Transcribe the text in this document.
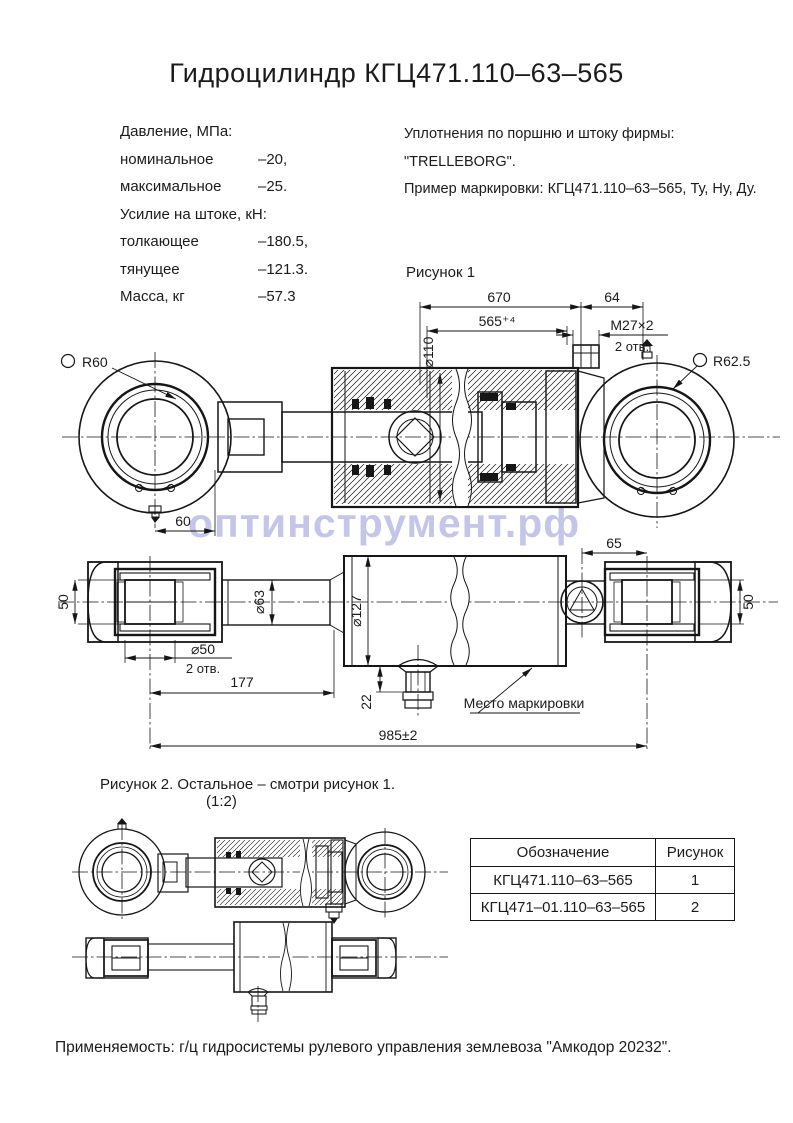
Гидроцилиндр КГЦ471.110–63–565
Давление, МПа:
номинальное	–20,
максимальное –25.
Усилие на штоке, кН:
толкающее	–180.5,
тянущее	–121.3.
Масса, кг	–57.3
Уплотнения по поршню и штоку фирмы:
"TRELLEBORG".
Пример маркировки: КГЦ471.110–63–565, Ту, Ну, Ду.
Рисунок 1
оптинструмент.рф
R60	R62.5
670	64
565⁺⁴	М27×2
2 отв.
⌀110
60
50	⌀63	⌀127
65
50
⌀50
2 отв.
177
22
985±2
Место маркировки
Рисунок 2. Остальное – смотри рисунок 1.
(1:2)
Обозначение	Рисунок
КГЦ471.110–63–565	1
КГЦ471–01.110–63–565	2
Применяемость: г/ц гидросистемы рулевого управления землевоза "Амкодор 20232".
